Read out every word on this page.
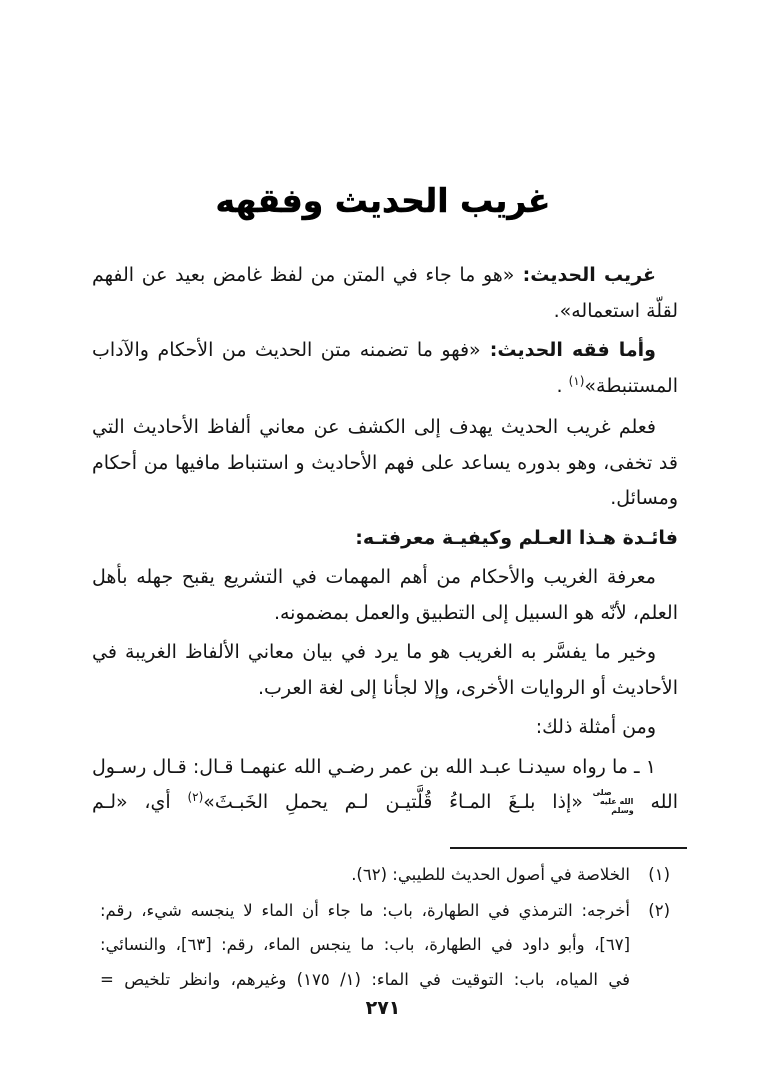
غريب الحديث وفقهه

غريب الحديث: «هو ما جاء في المتن من لفظ غامض بعيد عن الفهم لقلّة استعماله».

وأما فقه الحديث: «فهو ما تضمنه متن الحديث من الأحكام والآداب المستنبطة»$^{(١)}$ .

فعلم غريب الحديث يهدف إلى الكشف عن معاني ألفاظ الأحاديث التي قد تخفى، وهو بدوره يساعد على فهم الأحاديث و استنباط مافيها من أحكام ومسائل.

فائـدة هـذا العـلم وكيفيـة معرفتـه:

معرفة الغريب والأحكام من أهم المهمات في التشريع يقبح جهله بأهل العلم، لأنّه هو السبيل إلى التطبيق والعمل بمضمونه.

وخير ما يفسَّر به الغريب هو ما يرد في بيان معاني الألفاظ الغريبة في الأحاديث أو الروايات الأخرى، وإلا لجأنا إلى لغة العرب.

ومن أمثلة ذلك:

١ ـ ما رواه سيدنـا عبـد الله بن عمر رضـي الله عنهمـا قـال: قـال رسـول الله صلى الله عليه وسلم «إذا بلـغَ المـاءُ قُلَّتيـن لـم يحملِ الخَبـثَ»$^{(٢)}$ أي، «لـم

(١)
الخلاصة في أصول الحديث للطيبي: (٦٢).
(٢)
أخرجه: الترمذي في الطهارة، باب: ما جاء أن الماء لا ينجسه شيء، رقم:
[٦٧]، وأبو داود في الطهارة، باب: ما ينجس الماء، رقم: [٦٣]، والنسائي:
في المياه، باب: التوقيت في الماء: (١/ ١٧٥) وغيرهم، وانظر تلخيص =
٢٧١
